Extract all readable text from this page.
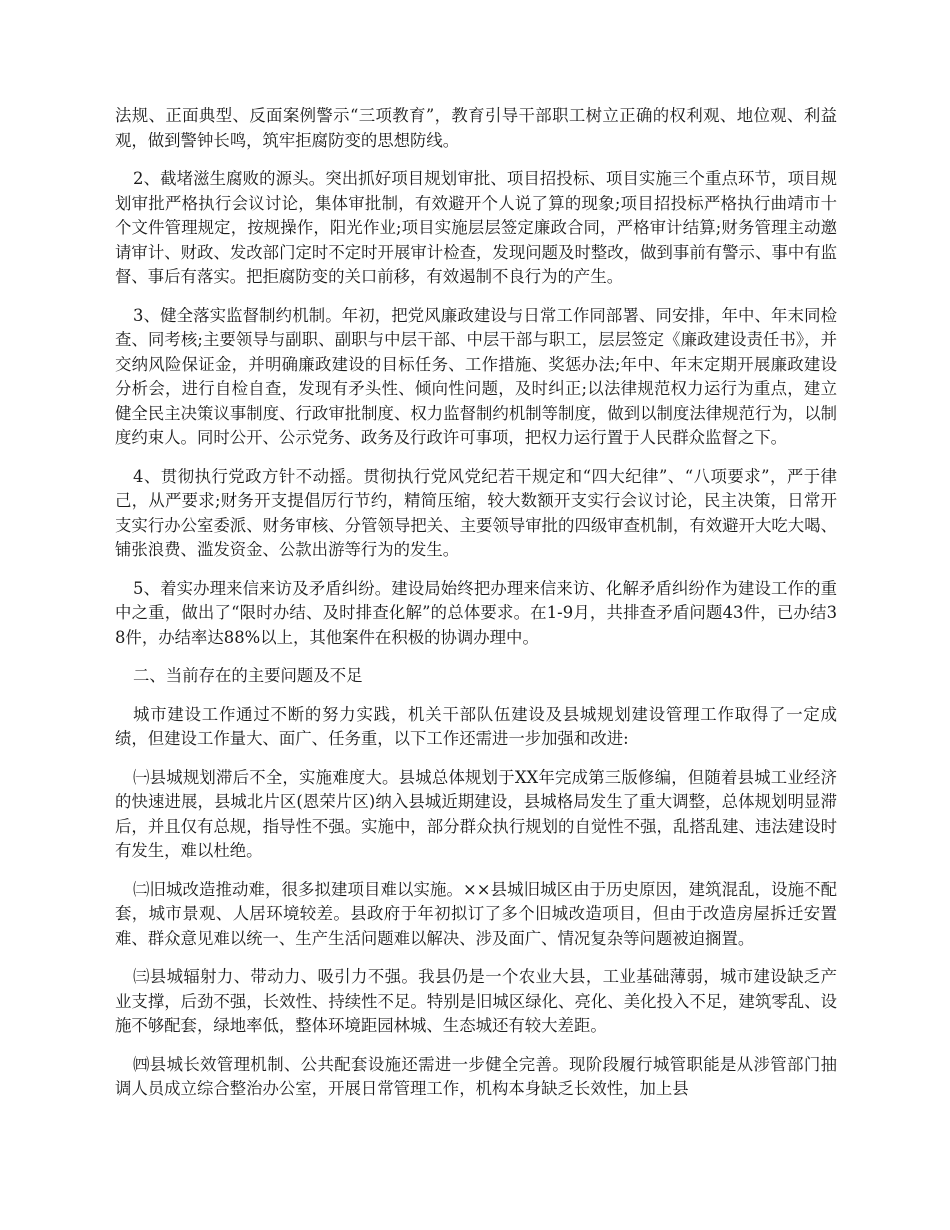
法规、正面典型、反面案例警示“三项教育”，教育引导干部职工树立正确的权利观、地位观、利益观，做到警钟长鸣，筑牢拒腐防变的思想防线。

2、截堵滋生腐败的源头。突出抓好项目规划审批、项目招投标、项目实施三个重点环节，项目规划审批严格执行会议讨论，集体审批制，有效避开个人说了算的现象;项目招投标严格执行曲靖市十个文件管理规定，按规操作，阳光作业;项目实施层层签定廉政合同，严格审计结算;财务管理主动邀请审计、财政、发改部门定时不定时开展审计检查，发现问题及时整改，做到事前有警示、事中有监督、事后有落实。把拒腐防变的关口前移，有效遏制不良行为的产生。

3、健全落实监督制约机制。年初，把党风廉政建设与日常工作同部署、同安排，年中、年末同检查、同考核;主要领导与副职、副职与中层干部、中层干部与职工，层层签定《廉政建设责任书》，并交纳风险保证金，并明确廉政建设的目标任务、工作措施、奖惩办法;年中、年末定期开展廉政建设分析会，进行自检自查，发现有矛头性、倾向性问题，及时纠正;以法律规范权力运行为重点，建立健全民主决策议事制度、行政审批制度、权力监督制约机制等制度，做到以制度法律规范行为，以制度约束人。同时公开、公示党务、政务及行政许可事项，把权力运行置于人民群众监督之下。

4、贯彻执行党政方针不动摇。贯彻执行党风党纪若干规定和“四大纪律”、“八项要求”，严于律己，从严要求;财务开支提倡厉行节约，精简压缩，较大数额开支实行会议讨论，民主决策，日常开支实行办公室委派、财务审核、分管领导把关、主要领导审批的四级审查机制，有效避开大吃大喝、铺张浪费、滥发资金、公款出游等行为的发生。

5、着实办理来信来访及矛盾纠纷。建设局始终把办理来信来访、化解矛盾纠纷作为建设工作的重中之重，做出了“限时办结、及时排查化解”的总体要求。在1-9月，共排查矛盾问题43件，已办结38件，办结率达88%以上，其他案件在积极的协调办理中。

二、当前存在的主要问题及不足

城市建设工作通过不断的努力实践，机关干部队伍建设及县城规划建设管理工作取得了一定成绩，但建设工作量大、面广、任务重，以下工作还需进一步加强和改进:

㈠县城规划滞后不全，实施难度大。县城总体规划于XX年完成第三版修编，但随着县城工业经济的快速进展，县城北片区(恩荣片区)纳入县城近期建设，县城格局发生了重大调整，总体规划明显滞后，并且仅有总规，指导性不强。实施中，部分群众执行规划的自觉性不强，乱搭乱建、违法建设时有发生，难以杜绝。

㈡旧城改造推动难，很多拟建项目难以实施。××县城旧城区由于历史原因，建筑混乱，设施不配套，城市景观、人居环境较差。县政府于年初拟订了多个旧城改造项目，但由于改造房屋拆迁安置难、群众意见难以统一、生产生活问题难以解决、涉及面广、情况复杂等问题被迫搁置。

㈢县城辐射力、带动力、吸引力不强。我县仍是一个农业大县，工业基础薄弱，城市建设缺乏产业支撑，后劲不强，长效性、持续性不足。特别是旧城区绿化、亮化、美化投入不足，建筑零乱、设施不够配套，绿地率低，整体环境距园林城、生态城还有较大差距。

㈣县城长效管理机制、公共配套设施还需进一步健全完善。现阶段履行城管职能是从涉管部门抽调人员成立综合整治办公室，开展日常管理工作，机构本身缺乏长效性，加上县
